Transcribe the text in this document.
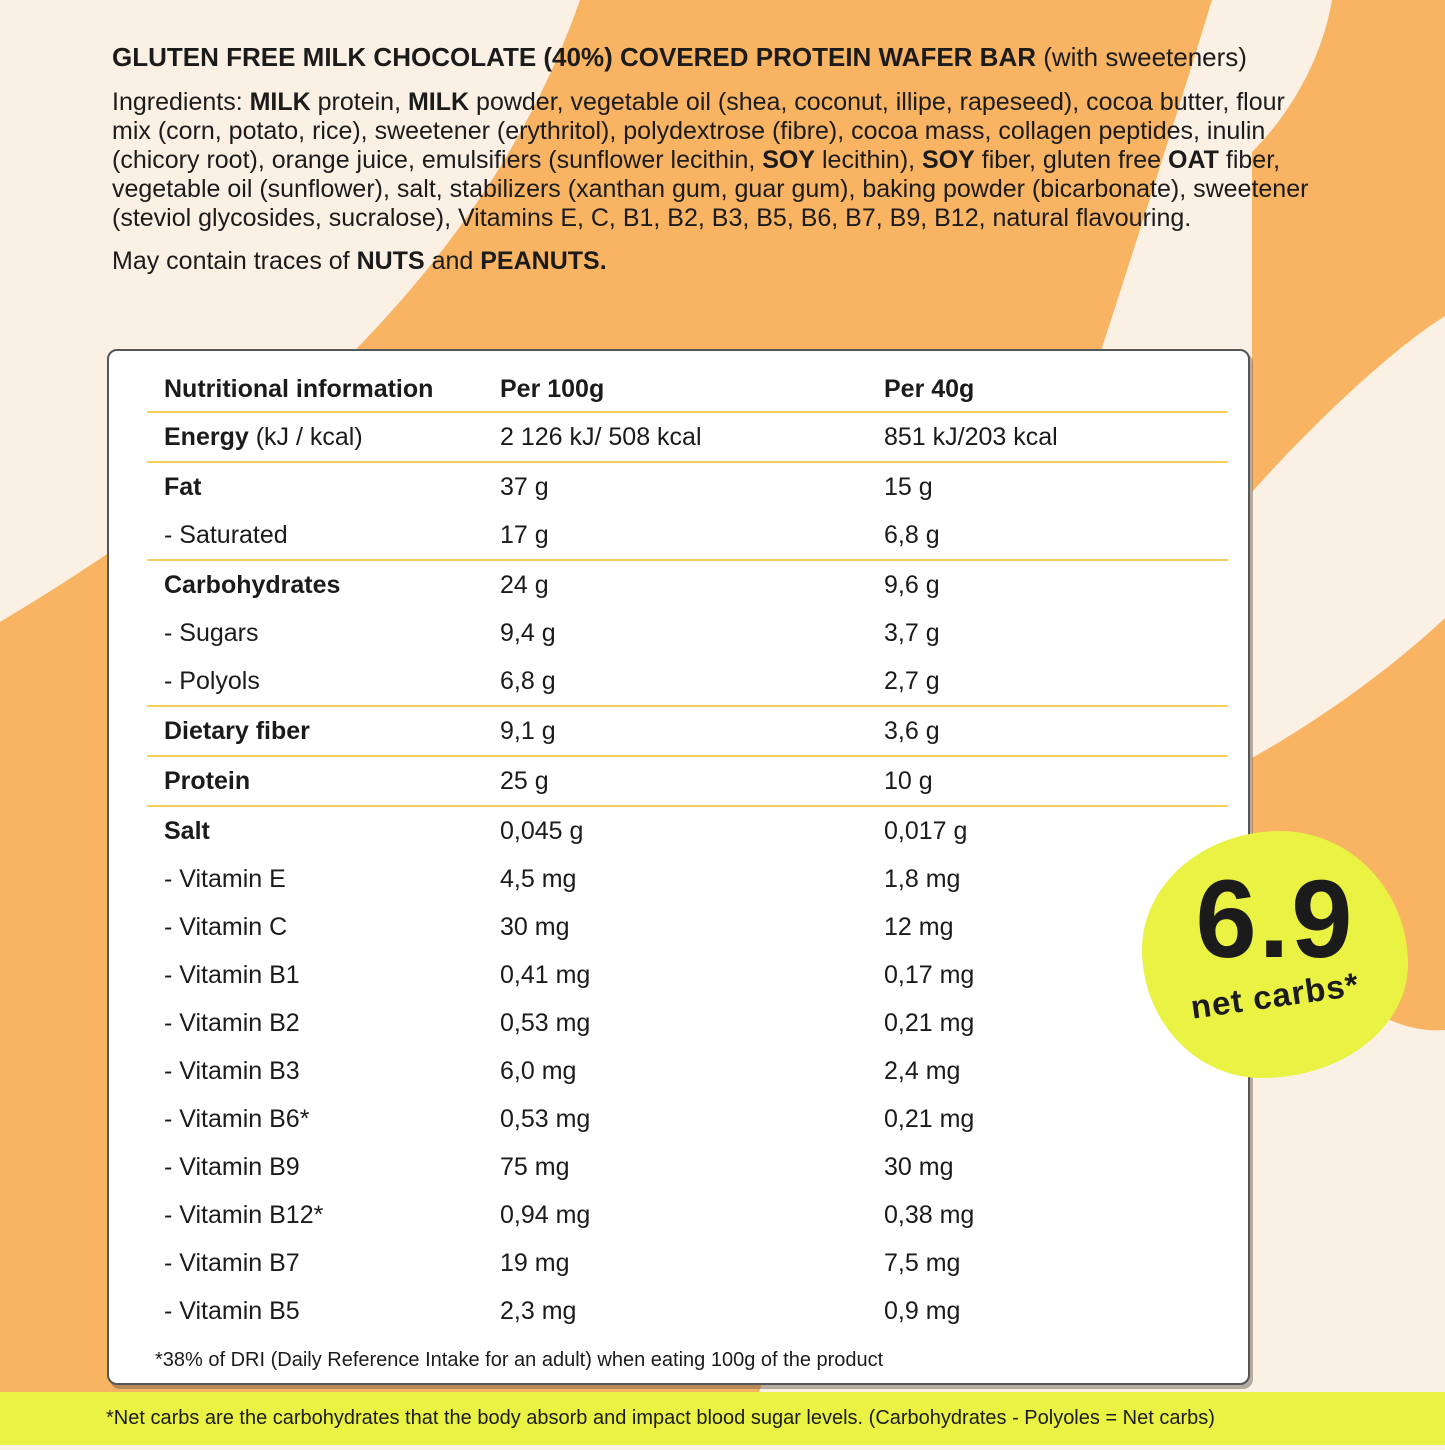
GLUTEN FREE MILK CHOCOLATE (40%) COVERED PROTEIN WAFER BAR (with sweeteners)
Ingredients: MILK protein, MILK powder, vegetable oil (shea, coconut, illipe, rapeseed), cocoa butter, flour mix (corn, potato, rice), sweetener (erythritol), polydextrose (fibre), cocoa mass, collagen peptides, inulin (chicory root), orange juice, emulsifiers (sunflower lecithin, SOY lecithin), SOY fiber, gluten free OAT fiber, vegetable oil (sunflower), salt, stabilizers (xanthan gum, guar gum), baking powder (bicarbonate), sweetener (steviol glycosides, sucralose), Vitamins E, C, B1, B2, B3, B5, B6, B7, B9, B12, natural flavouring.
May contain traces of NUTS and PEANUTS.
Nutritional information	Per 100g	Per 40g
Energy (kJ / kcal)	2 126 kJ/ 508 kcal	851 kJ/203 kcal
Fat	37 g	15 g
- Saturated	17 g	6,8 g
Carbohydrates	24 g	9,6 g
- Sugars	9,4 g	3,7 g
- Polyols	6,8 g	2,7 g
Dietary fiber	9,1 g	3,6 g
Protein	25 g	10 g
Salt	0,045 g	0,017 g
- Vitamin E	4,5 mg	1,8 mg
- Vitamin C	30 mg	12 mg
- Vitamin B1	0,41 mg	0,17 mg
- Vitamin B2	0,53 mg	0,21 mg
- Vitamin B3	6,0 mg	2,4 mg
- Vitamin B6*	0,53 mg	0,21 mg
- Vitamin B9	75 mg	30 mg
- Vitamin B12*	0,94 mg	0,38 mg
- Vitamin B7	19 mg	7,5 mg
- Vitamin B5	2,3 mg	0,9 mg
*38% of DRI (Daily Reference Intake for an adult) when eating 100g of the product
6.9
net carbs*
*Net carbs are the carbohydrates that the body absorb and impact blood sugar levels. (Carbohydrates - Polyoles = Net carbs)
